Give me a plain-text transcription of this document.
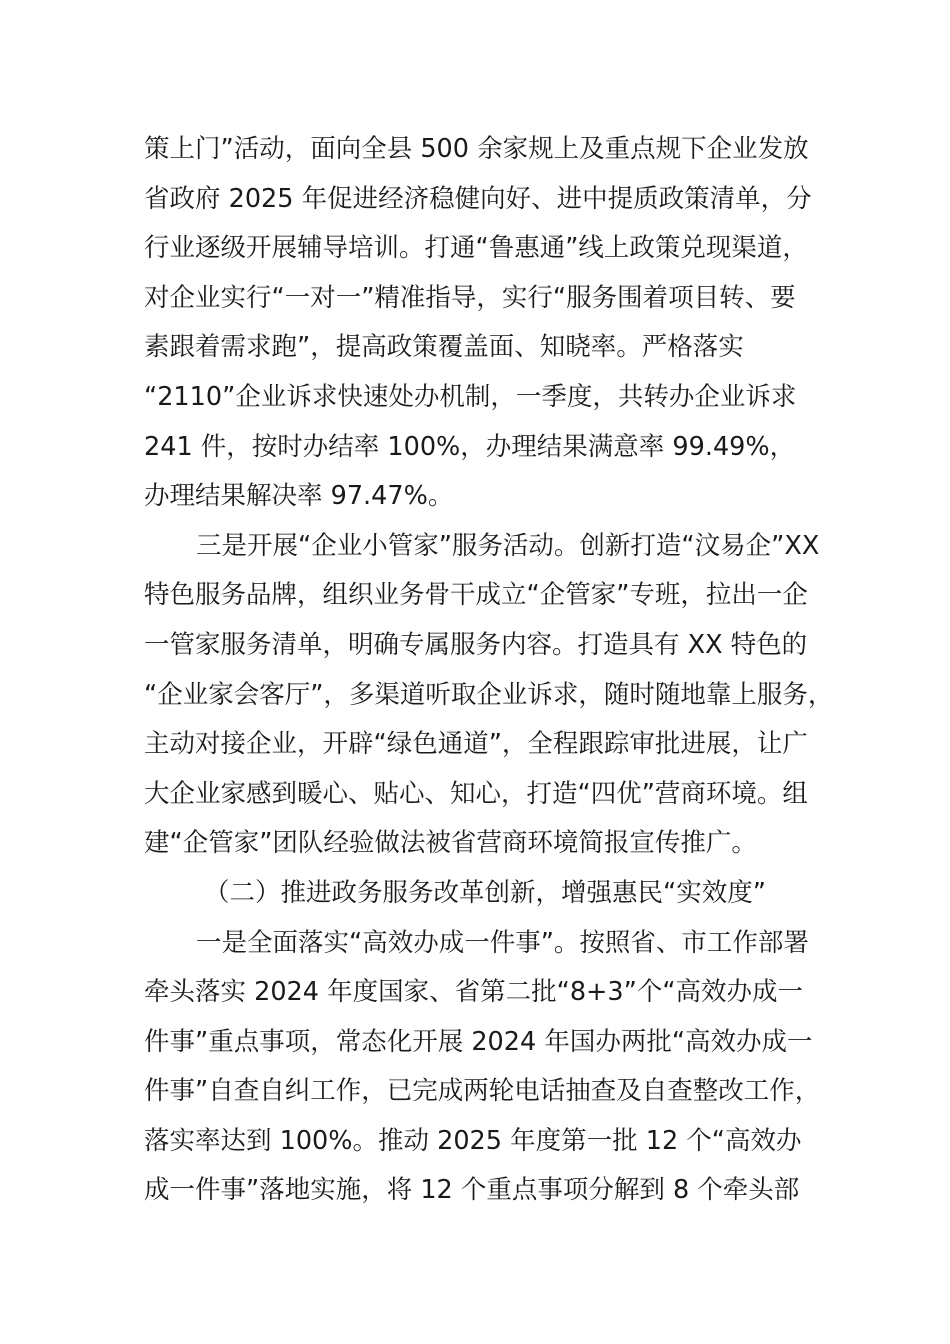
策上门”活动，面向全县 500 余家规上及重点规下企业发放
省政府 2025 年促进经济稳健向好、进中提质政策清单，分
行业逐级开展辅导培训。打通“鲁惠通”线上政策兑现渠道，
对企业实行“一对一”精准指导，实行“服务围着项目转、要
素跟着需求跑”，提高政策覆盖面、知晓率。严格落实
“2110”企业诉求快速处办机制，一季度，共转办企业诉求
241 件，按时办结率 100%，办理结果满意率 99.49%，
办理结果解决率 97.47%。
三是开展“企业小管家”服务活动。创新打造“汶易企”XX
特色服务品牌，组织业务骨干成立“企管家”专班，拉出一企
一管家服务清单，明确专属服务内容。打造具有 XX 特色的
“企业家会客厅”，多渠道听取企业诉求，随时随地靠上服务，
主动对接企业，开辟“绿色通道”，全程跟踪审批进展，让广
大企业家感到暖心、贴心、知心，打造“四优”营商环境。组
建“企管家”团队经验做法被省营商环境简报宣传推广。
（二）推进政务服务改革创新，增强惠民“实效度”
一是全面落实“高效办成一件事”。按照省、市工作部署
牵头落实 2024 年度国家、省第二批“8+3”个“高效办成一
件事”重点事项，常态化开展 2024 年国办两批“高效办成一
件事”自查自纠工作，已完成两轮电话抽查及自查整改工作，
落实率达到 100%。推动 2025 年度第一批 12 个“高效办
成一件事”落地实施，将 12 个重点事项分解到 8 个牵头部
